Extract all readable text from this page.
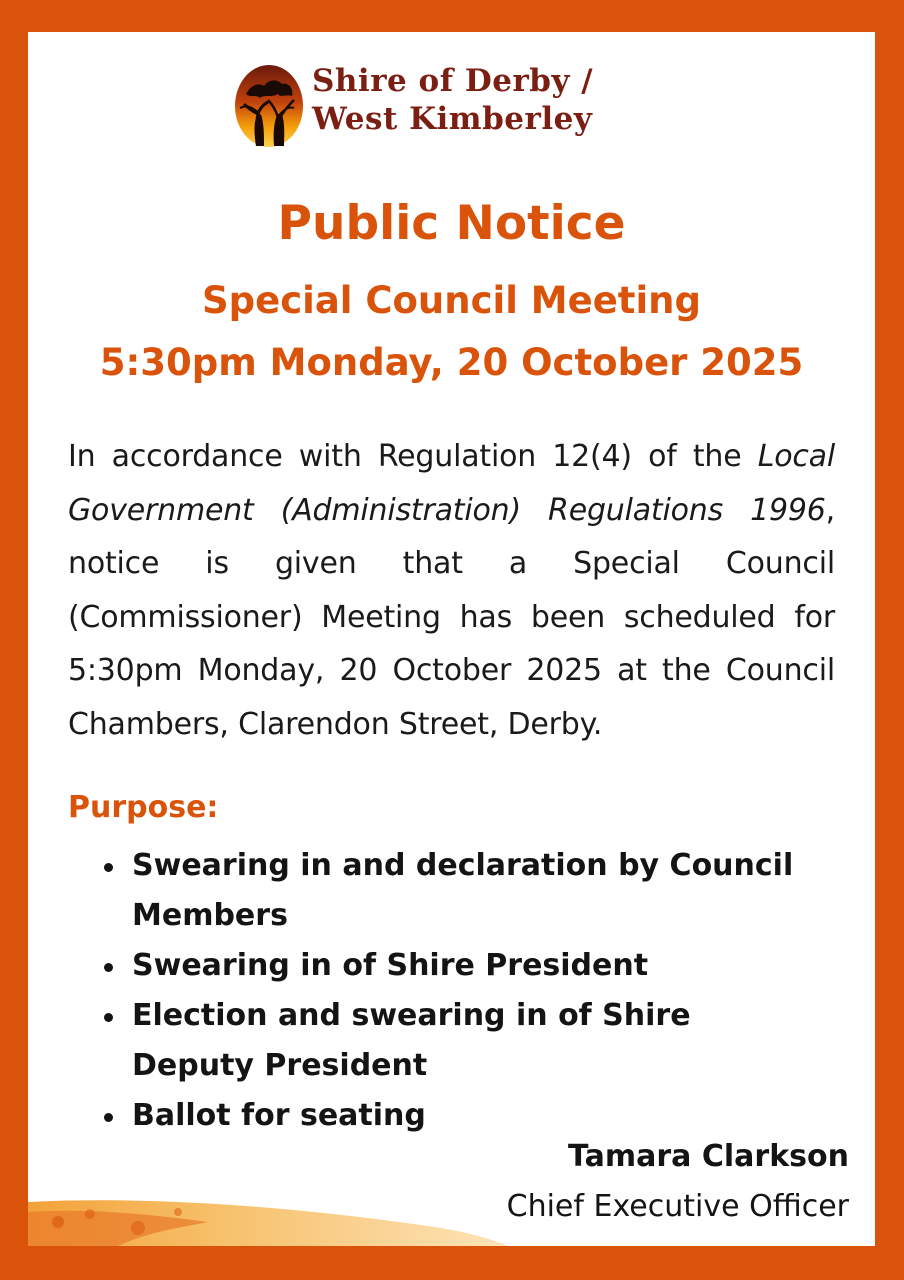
Shire of Derby /
West Kimberley
Public Notice
Special Council Meeting
5:30pm Monday, 20 October 2025
In accordance with Regulation 12(4) of the Local Government (Administration) Regulations 1996, notice is given that a Special Council (Commissioner) Meeting has been scheduled for 5:30pm Monday, 20 October 2025 at the Council Chambers, Clarendon Street, Derby.
Purpose:
Swearing in and declaration by Council Members
Swearing in of Shire President
Election and swearing in of Shire Deputy President
Ballot for seating
Tamara Clarkson
Chief Executive Officer
